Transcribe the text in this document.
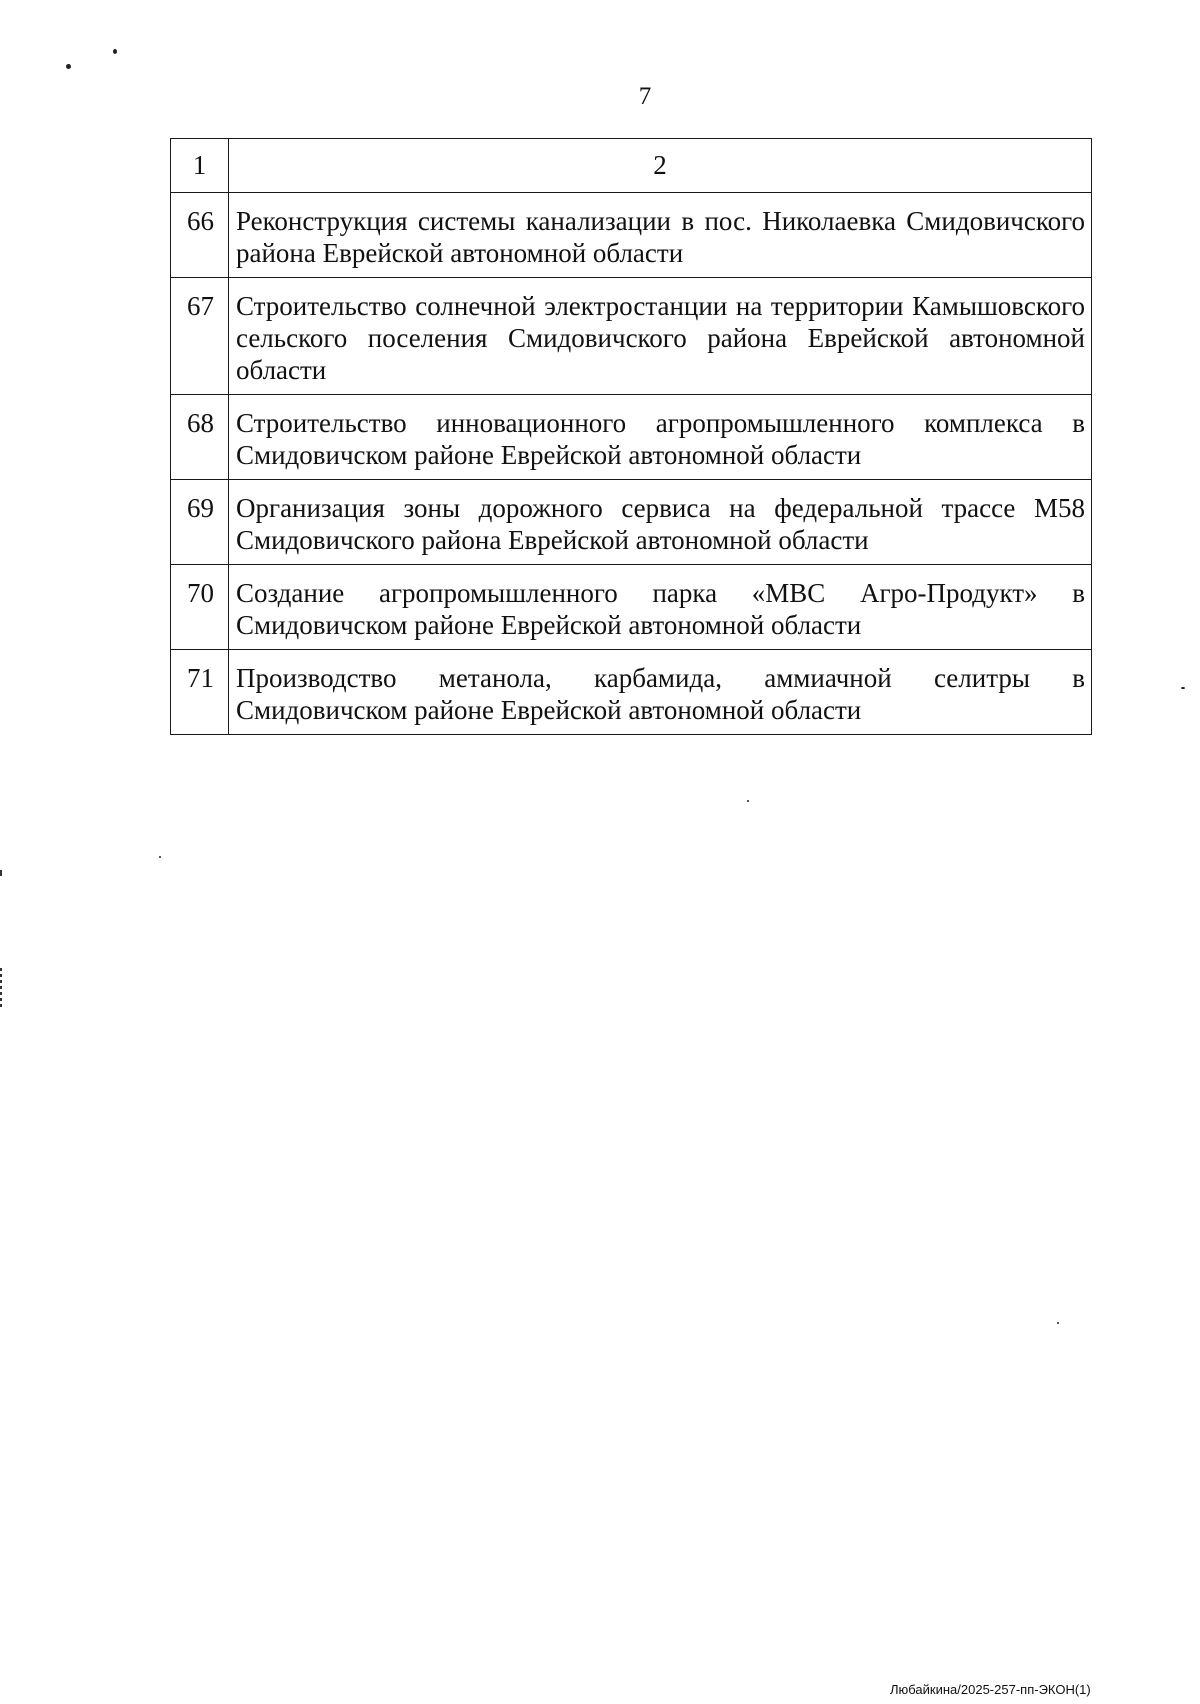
7
1	2
66	Реконструкция системы канализации в пос. Николаевка Смидовичского района Еврейской автономной области
67	Строительство солнечной электростанции на территории Камышовского сельского поселения Смидовичского района Еврейской автономной области
68	Строительство инновационного агропромышленного комплекса в Смидовичском районе Еврейской автономной области
69	Организация зоны дорожного сервиса на федеральной трассе М58 Смидовичского района Еврейской автономной области
70	Создание агропромышленного парка «МВС Агро-Продукт» в Смидовичском районе Еврейской автономной области
71	Производство метанола, карбамида, аммиачной селитры в Смидовичском районе Еврейской автономной области
Любайкина/2025-257-пп-ЭКОН(1)
